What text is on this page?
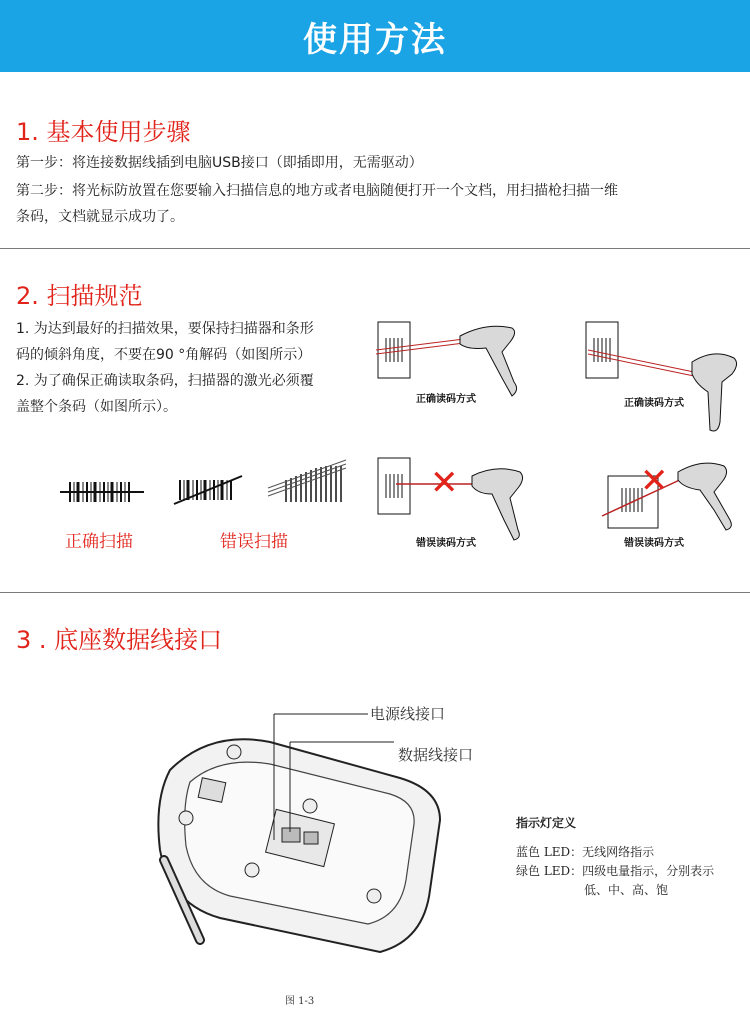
使用方法
1. 基本使用步骤

第一步：将连接数据线插到电脑USB接口（即插即用，无需驱动）

第二步：将光标防放置在您要输入扫描信息的地方或者电脑随便打开一个文档，用扫描枪扫描一维

条码，文档就显示成功了。

2. 扫描规范

1. 为达到最好的扫描效果，要保持扫描器和条形

码的倾斜角度，不要在90 °角解码（如图所示）

2. 为了确保正确读取条码，扫描器的激光必须覆

盖整个条码（如图所示）。

正确扫描	错误扫描
正确读码方式	正确读码方式
✕
错误读码方式
✕
错误读码方式
3 . 底座数据线接口
电源线接口
数据线接口
指示灯定义
蓝色 LED：无线网络指示
绿色 LED：四级电量指示，分别表示
低、中、高、饱
图 1-3
